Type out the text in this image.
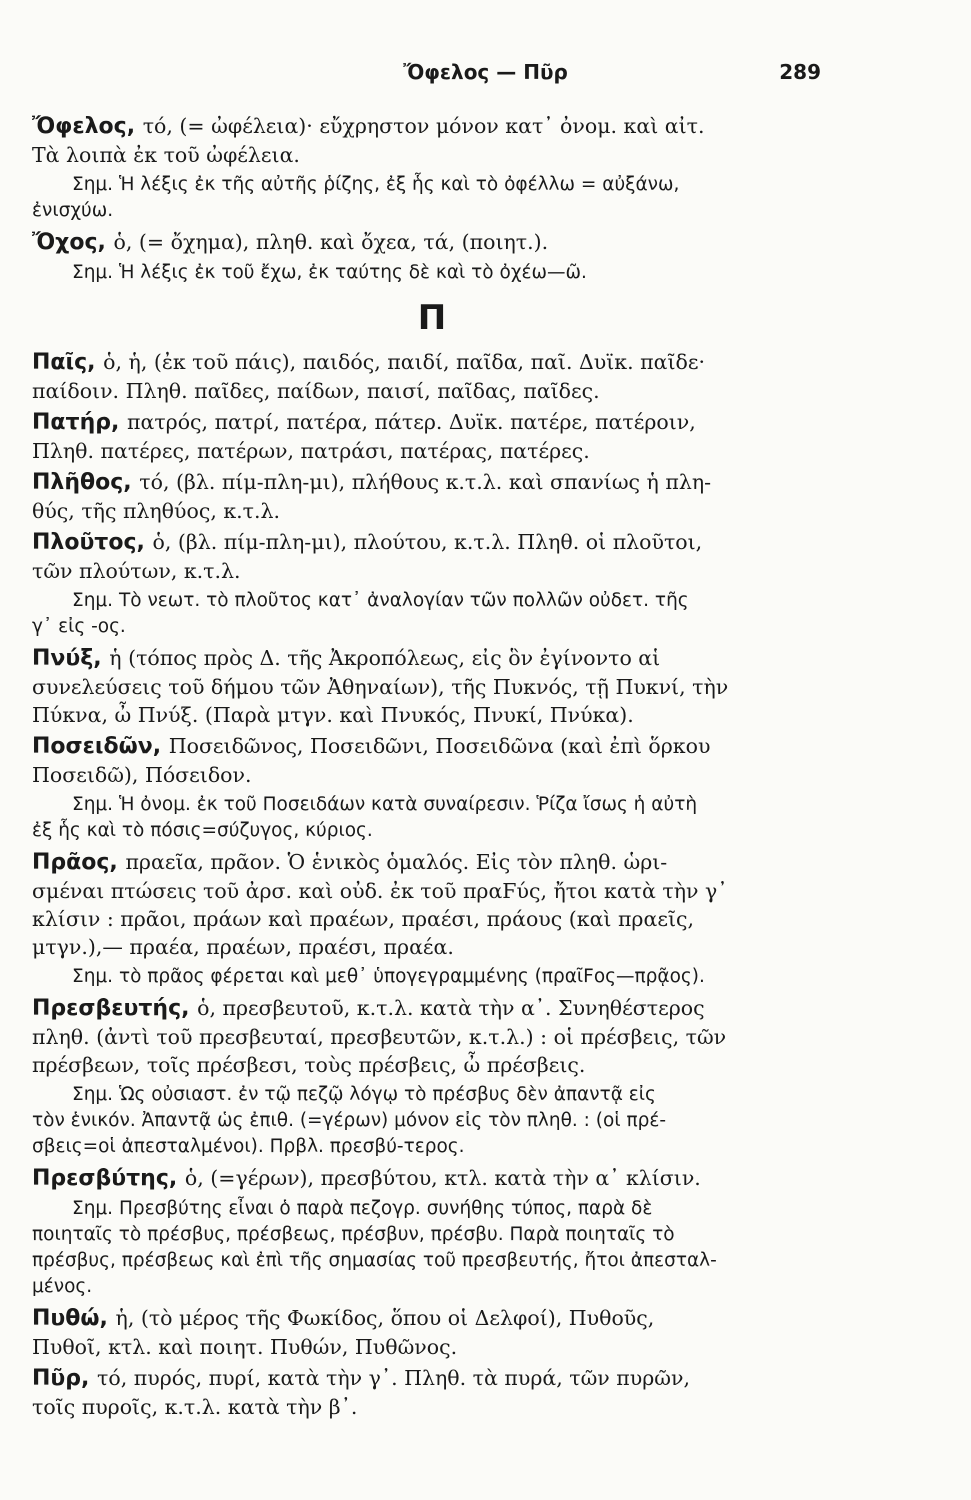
Ὄφελος — Πῦρ	289
Ὄφελος, τό, (= ὠφέλεια)· εὔχρηστον μόνον κατ᾽ ὀνομ. καὶ αἰτ.
Τὰ λοιπὰ ἐκ τοῦ ὠφέλεια.
Σημ. Ἡ λέξις ἐκ τῆς αὐτῆς ῥίζης, ἐξ ἧς καὶ τὸ ὀφέλλω = αὐξάνω,
ἐνισχύω.
Ὄχος, ὁ, (= ὄχημα), πληθ. καὶ ὄχεα, τά, (ποιητ.).
Σημ. Ἡ λέξις ἐκ τοῦ ἔχω, ἐκ ταύτης δὲ καὶ τὸ ὀχέω—ῶ.
Π
Παῖς, ὁ, ἡ, (ἐκ τοῦ πάις), παιδός, παιδί, παῖδα, παῖ. Δυϊκ. παῖδε·
παίδοιν. Πληθ. παῖδες, παίδων, παισί, παῖδας, παῖδες.
Πατήρ, πατρός, πατρί, πατέρα, πάτερ. Δυϊκ. πατέρε, πατέροιν,
Πληθ. πατέρες, πατέρων, πατράσι, πατέρας, πατέρες.
Πλῆθος, τό, (βλ. πίμ-πλη-μι), πλήθους κ.τ.λ. καὶ σπανίως ἡ πλη-
θύς, τῆς πληθύος, κ.τ.λ.
Πλοῦτος, ὁ, (βλ. πίμ-πλη-μι), πλούτου, κ.τ.λ. Πληθ. οἱ πλοῦτοι,
τῶν πλούτων, κ.τ.λ.
Σημ. Τὸ νεωτ. τὸ πλοῦτος κατ᾽ ἀναλογίαν τῶν πολλῶν οὐδετ. τῆς
γ᾽ εἰς -ος.
Πνύξ, ἡ (τόπος πρὸς Δ. τῆς Ἀκροπόλεως, εἰς ὃν ἐγίνοντο αἱ
συνελεύσεις τοῦ δήμου τῶν Ἀθηναίων), τῆς Πυκνός, τῇ Πυκνί, τὴν
Πύκνα, ὦ Πνύξ. (Παρὰ μτγν. καὶ Πνυκός, Πνυκί, Πνύκα).
Ποσειδῶν, Ποσειδῶνος, Ποσειδῶνι, Ποσειδῶνα (καὶ ἐπὶ ὅρκου
Ποσειδῶ), Πόσειδον.
Σημ. Ἡ ὀνομ. ἐκ τοῦ Ποσειδάων κατὰ συναίρεσιν. Ῥίζα ἴσως ἡ αὐτὴ
ἐξ ἧς καὶ τὸ πόσις=σύζυγος, κύριος.
Πρᾶος, πραεῖα, πρᾶον. Ὁ ἑνικὸς ὁμαλός. Εἰς τὸν πληθ. ὡρι-
σμέναι πτώσεις τοῦ ἀρσ. καὶ οὐδ. ἐκ τοῦ πραϜύς, ἤτοι κατὰ τὴν γ᾽
κλίσιν : πρᾶοι, πράων καὶ πραέων, πραέσι, πράους (καὶ πραεῖς,
μτγν.),— πραέα, πραέων, πραέσι, πραέα.
Σημ. τὸ πρᾶος φέρεται καὶ μεθ᾽ ὑπογεγραμμένης (πραῖϜος—πρᾷος).
Πρεσβευτής, ὁ, πρεσβευτοῦ, κ.τ.λ. κατὰ τὴν α᾽. Συνηθέστερος
πληθ. (ἀντὶ τοῦ πρεσβευταί, πρεσβευτῶν, κ.τ.λ.) : οἱ πρέσβεις, τῶν
πρέσβεων, τοῖς πρέσβεσι, τοὺς πρέσβεις, ὦ πρέσβεις.
Σημ. Ὡς οὐσιαστ. ἐν τῷ πεζῷ λόγῳ τὸ πρέσβυς δὲν ἀπαντᾷ εἰς
τὸν ἑνικόν. Ἀπαντᾷ ὡς ἐπιθ. (=γέρων) μόνον εἰς τὸν πληθ. : (οἱ πρέ-
σβεις=οἱ ἀπεσταλμένοι). Πρβλ. πρεσβύ-τερος.
Πρεσβύτης, ὁ, (=γέρων), πρεσβύτου, κτλ. κατὰ τὴν α᾽ κλίσιν.
Σημ. Πρεσβύτης εἶναι ὁ παρὰ πεζογρ. συνήθης τύπος, παρὰ δὲ
ποιηταῖς τὸ πρέσβυς, πρέσβεως, πρέσβυν, πρέσβυ. Παρὰ ποιηταῖς τὸ
πρέσβυς, πρέσβεως καὶ ἐπὶ τῆς σημασίας τοῦ πρεσβευτής, ἤτοι ἀπεσταλ-
μένος.
Πυθώ, ἡ, (τὸ μέρος τῆς Φωκίδος, ὅπου οἱ Δελφοί), Πυθοῦς,
Πυθοῖ, κτλ. καὶ ποιητ. Πυθών, Πυθῶνος.
Πῦρ, τό, πυρός, πυρί, κατὰ τὴν γ᾽. Πληθ. τὰ πυρά, τῶν πυρῶν,
τοῖς πυροῖς, κ.τ.λ. κατὰ τὴν β᾽.
